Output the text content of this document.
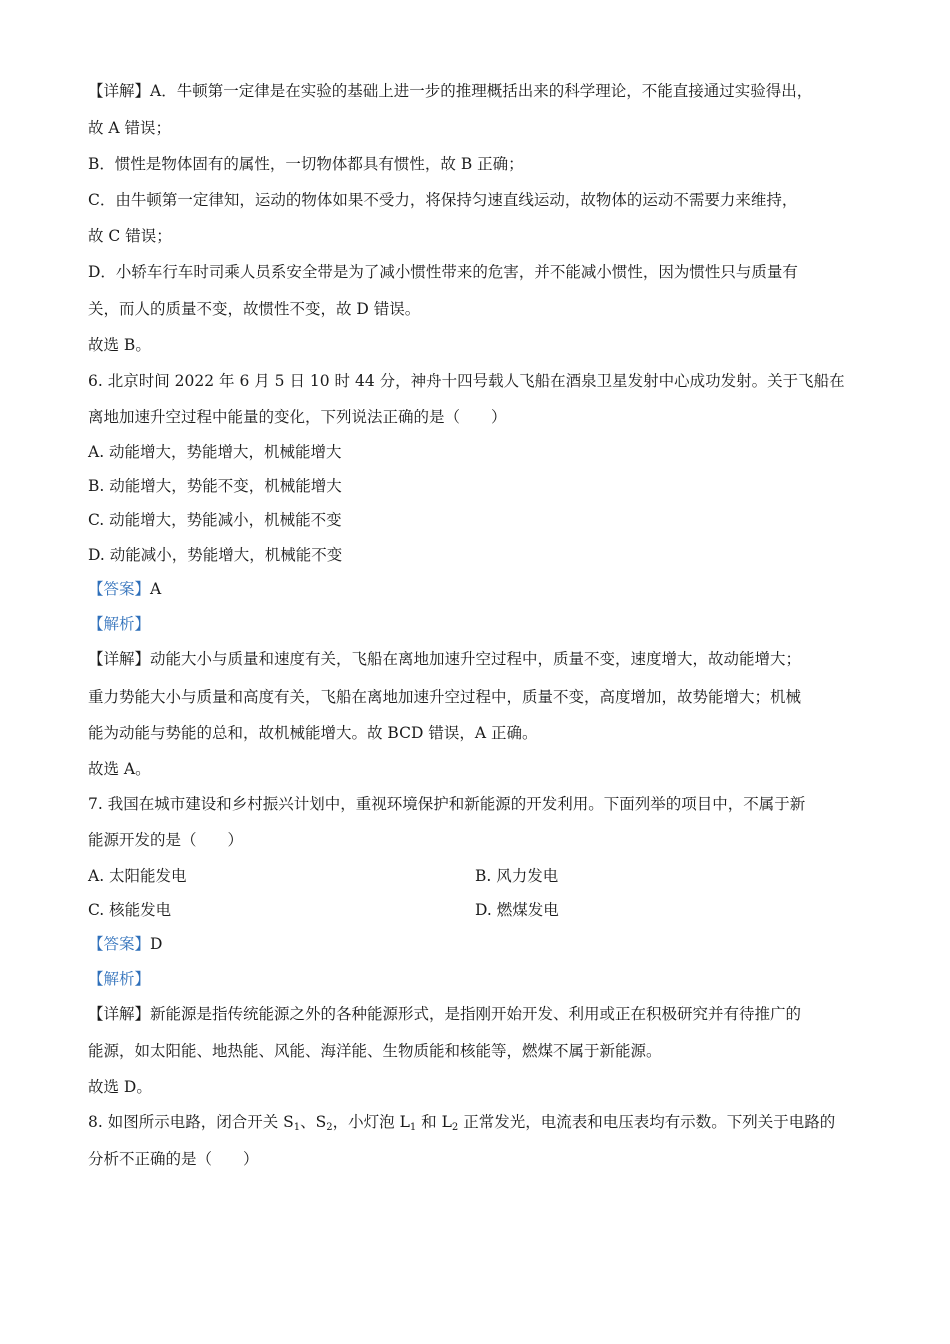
【详解】A．牛顿第一定律是在实验的基础上进一步的推理概括出来的科学理论，不能直接通过实验得出，
故 A 错误；
B．惯性是物体固有的属性，一切物体都具有惯性，故 B 正确；
C．由牛顿第一定律知，运动的物体如果不受力，将保持匀速直线运动，故物体的运动不需要力来维持，
故 C 错误；
D．小轿车行车时司乘人员系安全带是为了减小惯性带来的危害，并不能减小惯性，因为惯性只与质量有
关，而人的质量不变，故惯性不变，故 D 错误。
故选 B。
6. 北京时间 2022 年 6 月 5 日 10 时 44 分，神舟十四号载人飞船在酒泉卫星发射中心成功发射。关于飞船在
离地加速升空过程中能量的变化，下列说法正确的是（　　）
A. 动能增大，势能增大，机械能增大
B. 动能增大，势能不变，机械能增大
C. 动能增大，势能减小，机械能不变
D. 动能减小，势能增大，机械能不变
【答案】A
【解析】
【详解】动能大小与质量和速度有关，飞船在离地加速升空过程中，质量不变，速度增大，故动能增大；
重力势能大小与质量和高度有关，飞船在离地加速升空过程中，质量不变，高度增加，故势能增大；机械
能为动能与势能的总和，故机械能增大。故 BCD 错误，A 正确。
故选 A。
7. 我国在城市建设和乡村振兴计划中，重视环境保护和新能源的开发利用。下面列举的项目中，不属于新
能源开发的是（　　）
A. 太阳能发电	B. 风力发电
C. 核能发电	D. 燃煤发电
【答案】D
【解析】
【详解】新能源是指传统能源之外的各种能源形式，是指刚开始开发、利用或正在积极研究并有待推广的
能源，如太阳能、地热能、风能、海洋能、生物质能和核能等，燃煤不属于新能源。
故选 D。
8. 如图所示电路，闭合开关 S1、S2，小灯泡 L1 和 L2 正常发光，电流表和电压表均有示数。下列关于电路的
分析不正确的是（　　）
